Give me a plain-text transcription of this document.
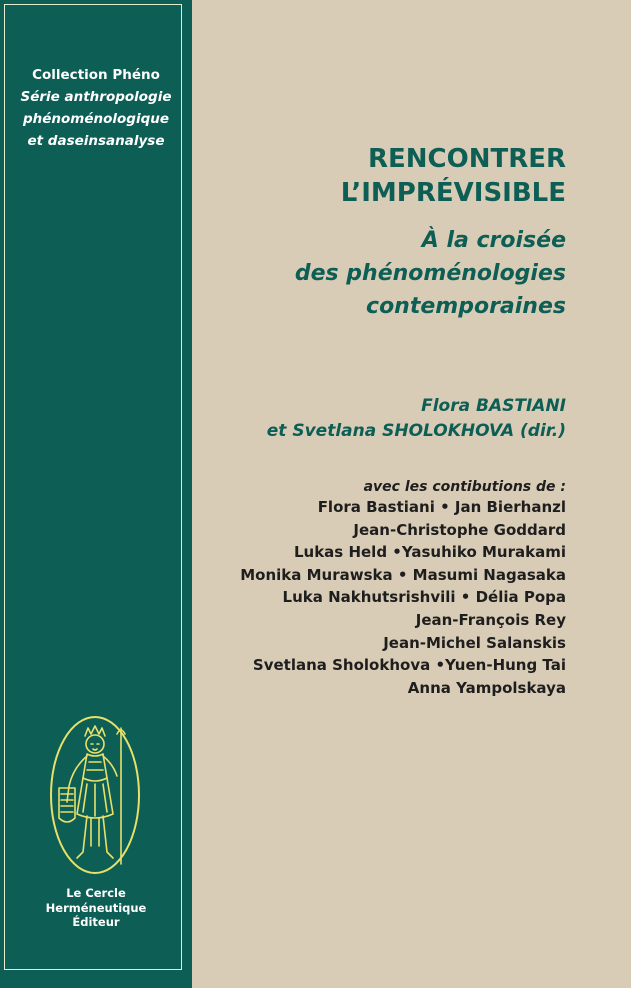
Collection Phéno
Série anthropologie
phénoménologique
et daseinsanalyse
Le Cercle
Herméneutique
Éditeur
RENCONTRER
L’IMPRÉVISIBLE
À la croisée
des phénoménologies
contemporaines
Flora BASTIANI
et Svetlana SHOLOKHOVA (dir.)
avec les contibutions de :
Flora Bastiani • Jan Bierhanzl
Jean-Christophe Goddard
Lukas Held •Yasuhiko Murakami
Monika Murawska • Masumi Nagasaka
Luka Nakhutsrishvili • Délia Popa
Jean-François Rey
Jean-Michel Salanskis
Svetlana Sholokhova •Yuen-Hung Tai
Anna Yampolskaya
